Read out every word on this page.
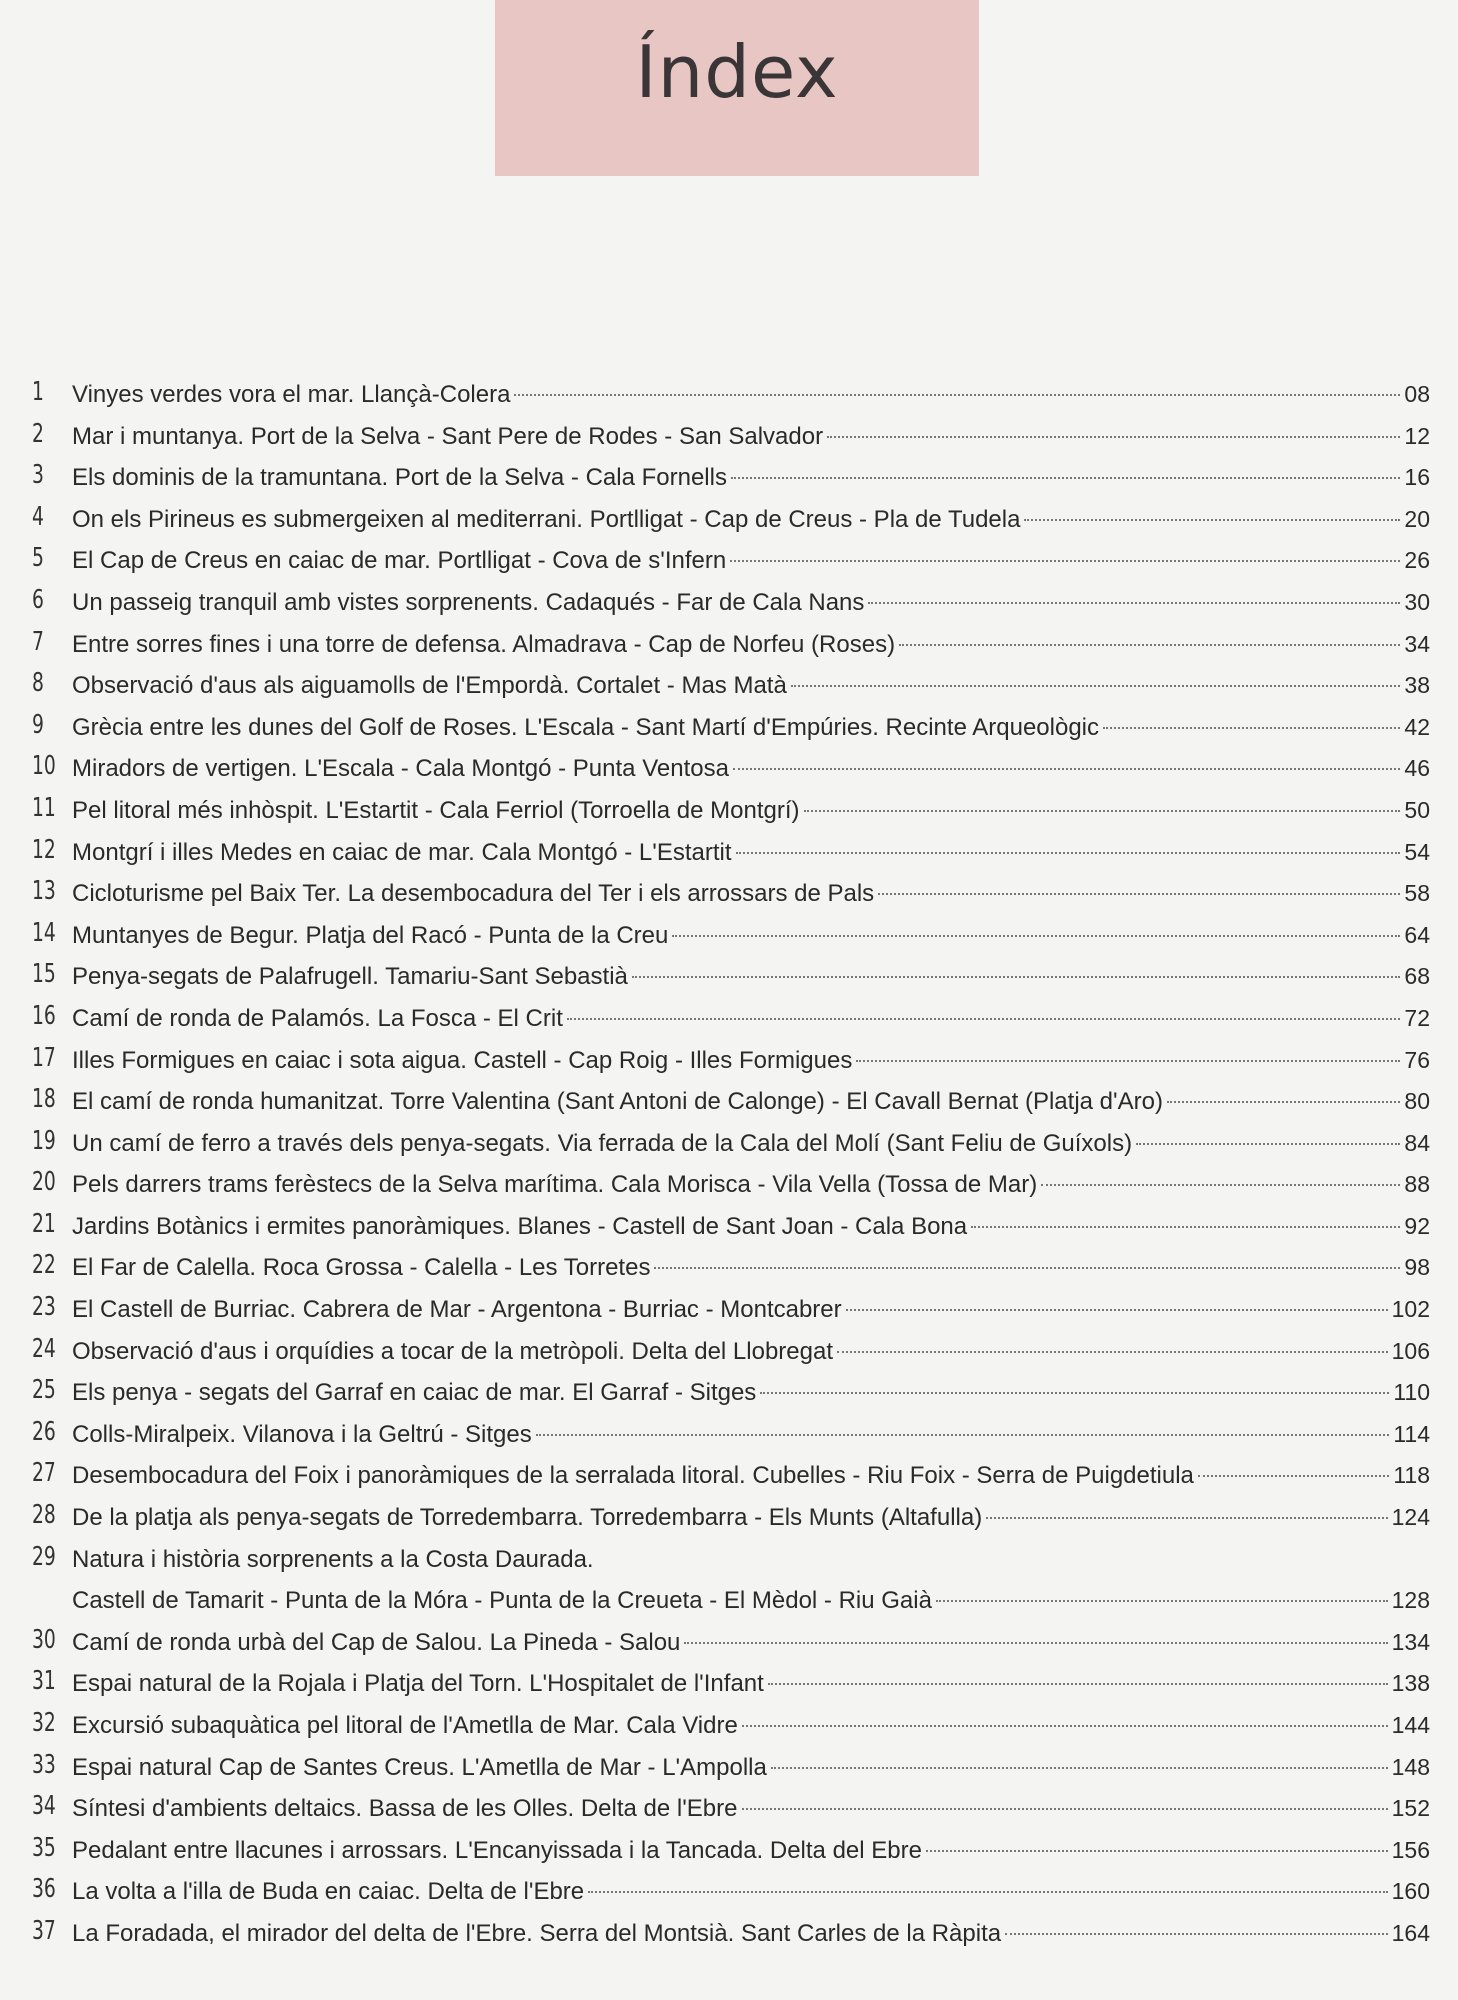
Índex
1	Vinyes verdes vora el mar. Llançà-Colera	08
2	Mar i muntanya. Port de la Selva - Sant Pere de Rodes - San Salvador	12
3	Els dominis de la tramuntana. Port de la Selva - Cala Fornells	16
4	On els Pirineus es submergeixen al mediterrani. Portlligat - Cap de Creus - Pla de Tudela	20
5	El Cap de Creus en caiac de mar. Portlligat - Cova de s'Infern	26
6	Un passeig tranquil amb vistes sorprenents. Cadaqués - Far de Cala Nans	30
7	Entre sorres fines i una torre de defensa. Almadrava - Cap de Norfeu (Roses)	34
8	Observació d'aus als aiguamolls de l'Empordà. Cortalet - Mas Matà	38
9	Grècia entre les dunes del Golf de Roses. L'Escala - Sant Martí d'Empúries. Recinte Arqueològic	42
10 Miradors de vertigen. L'Escala - Cala Montgó - Punta Ventosa	46
11 Pel litoral més inhòspit. L'Estartit - Cala Ferriol (Torroella de Montgrí)	50
12 Montgrí i illes Medes en caiac de mar. Cala Montgó - L'Estartit	54
13 Cicloturisme pel Baix Ter. La desembocadura del Ter i els arrossars de Pals	58
14 Muntanyes de Begur. Platja del Racó - Punta de la Creu	64
15 Penya-segats de Palafrugell. Tamariu-Sant Sebastià	68
16 Camí de ronda de Palamós. La Fosca - El Crit	72
17 Illes Formigues en caiac i sota aigua. Castell - Cap Roig - Illes Formigues	76
18 El camí de ronda humanitzat. Torre Valentina (Sant Antoni de Calonge) - El Cavall Bernat (Platja d'Aro)	80
19 Un camí de ferro a través dels penya-segats. Via ferrada de la Cala del Molí (Sant Feliu de Guíxols)	84
20 Pels darrers trams ferèstecs de la Selva marítima. Cala Morisca - Vila Vella (Tossa de Mar)	88
21 Jardins Botànics i ermites panoràmiques. Blanes - Castell de Sant Joan - Cala Bona	92
22 El Far de Calella. Roca Grossa - Calella - Les Torretes	98
23 El Castell de Burriac. Cabrera de Mar - Argentona - Burriac - Montcabrer	102
24 Observació d'aus i orquídies a tocar de la metròpoli. Delta del Llobregat	106
25 Els penya - segats del Garraf en caiac de mar. El Garraf - Sitges	110
26 Colls-Miralpeix. Vilanova i la Geltrú - Sitges	114
27 Desembocadura del Foix i panoràmiques de la serralada litoral. Cubelles - Riu Foix - Serra de Puigdetiula	118
28 De la platja als penya-segats de Torredembarra. Torredembarra - Els Munts (Altafulla)	124
29 Natura i història sorprenents a la Costa Daurada.
Castell de Tamarit - Punta de la Móra - Punta de la Creueta - El Mèdol - Riu Gaià	128
30 Camí de ronda urbà del Cap de Salou. La Pineda - Salou	134
31 Espai natural de la Rojala i Platja del Torn. L'Hospitalet de l'Infant	138
32 Excursió subaquàtica pel litoral de l'Ametlla de Mar. Cala Vidre	144
33 Espai natural Cap de Santes Creus. L'Ametlla de Mar - L'Ampolla	148
34 Síntesi d'ambients deltaics. Bassa de les Olles. Delta de l'Ebre	152
35 Pedalant entre llacunes i arrossars. L'Encanyissada i la Tancada. Delta del Ebre	156
36 La volta a l'illa de Buda en caiac. Delta de l'Ebre	160
37 La Foradada, el mirador del delta de l'Ebre. Serra del Montsià. Sant Carles de la Ràpita	164
